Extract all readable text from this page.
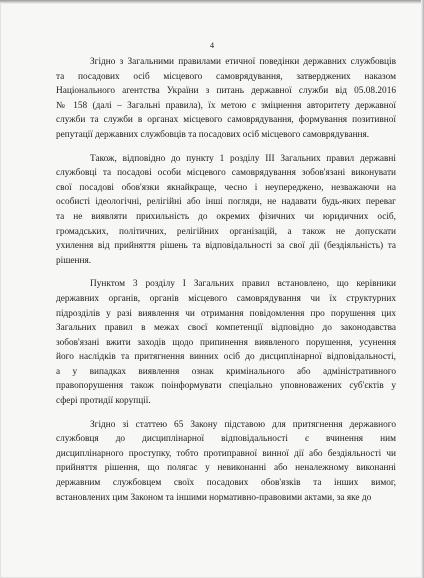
4
Згідно з Загальними правилами етичної поведінки державних службовців
та посадових осіб місцевого самоврядування, затверджених наказом
Національного агентства України з питань державної служби від 05.08.2016
№ 158 (далі – Загальні правила), їх метою є зміцнення авторитету державної
служби та служби в органах місцевого самоврядування, формування позитивної
репутації державних службовців та посадових осіб місцевого самоврядування.
Також, відповідно до пункту 1 розділу ІІІ Загальних правил державні
службовці та посадові особи місцевого самоврядування зобов'язані виконувати
свої посадові обов'язки якнайкраще, чесно і неупереджено, незважаючи на
особисті ідеологічні, релігійні або інші погляди, не надавати будь-яких переваг
та не виявляти прихильність до окремих фізичних чи юридичних осіб,
громадських, політичних, релігійних організацій, а також не допускати
ухилення від прийняття рішень та відповідальності за свої дії (бездіяльність) та
рішення.
Пунктом 3 розділу І Загальних правил встановлено, що керівники
державних органів, органів місцевого самоврядування чи їх структурних
підрозділів у разі виявлення чи отримання повідомлення про порушення цих
Загальних правил в межах своєї компетенції відповідно до законодавства
зобов'язані вжити заходів щодо припинення виявленого порушення, усунення
його наслідків та притягнення винних осіб до дисциплінарної відповідальності,
а у випадках виявлення ознак кримінального або адміністративного
правопорушення також поінформувати спеціально уповноважених суб'єктів у
сфері протидії корупції.
Згідно зі статтею 65 Закону підставою для притягнення державного
службовця до дисциплінарної відповідальності є вчинення ним
дисциплінарного проступку, тобто протиправної винної дії або бездіяльності чи
прийняття рішення, що полягає у невиконанні або неналежному виконанні
державним службовцем своїх посадових обов'язків та інших вимог,
встановлених цим Законом та іншими нормативно-правовими актами, за яке до
